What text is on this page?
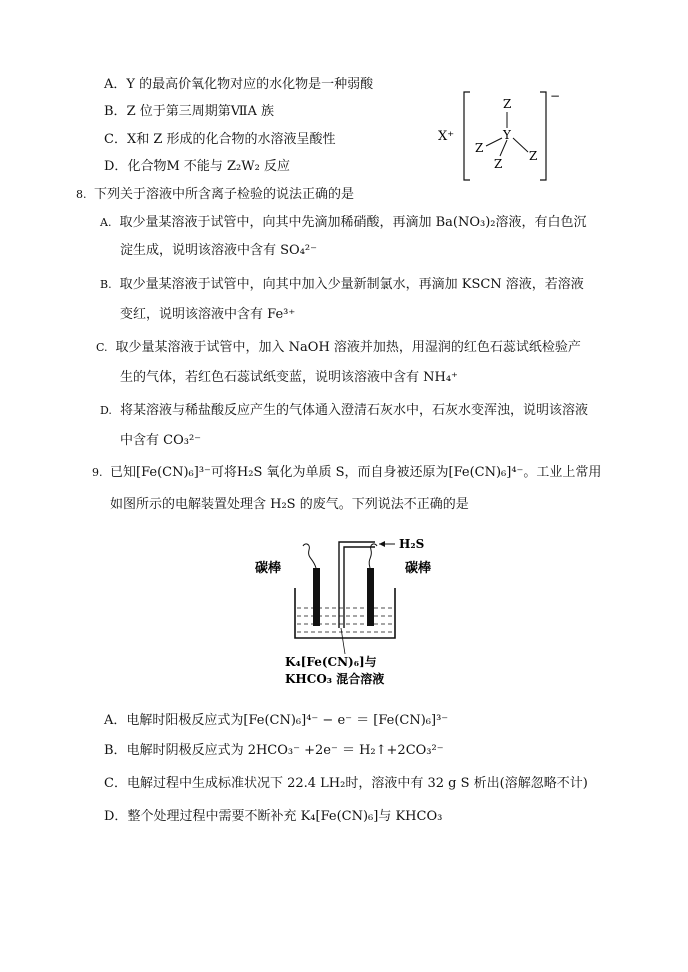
A．Y 的最高价氧化物对应的水化物是一种弱酸
B．Z 位于第三周期第ⅦA 族
C．X和 Z 形成的化合物的水溶液呈酸性
D．化合物M 不能与 Z₂W₂ 反应
X⁺
−
Z
Y
Z
Z
Z
8. 下列关于溶液中所含离子检验的说法正确的是
A. 取少量某溶液于试管中，向其中先滴加稀硝酸，再滴加 Ba(NO₃)₂溶液，有白色沉
淀生成，说明该溶液中含有 SO₄²⁻
B. 取少量某溶液于试管中，向其中加入少量新制氯水，再滴加 KSCN 溶液，若溶液
变红，说明该溶液中含有 Fe³⁺
C. 取少量某溶液于试管中，加入 NaOH 溶液并加热，用湿润的红色石蕊试纸检验产
生的气体，若红色石蕊试纸变蓝，说明该溶液中含有 NH₄⁺
D. 将某溶液与稀盐酸反应产生的气体通入澄清石灰水中，石灰水变浑浊，说明该溶液
中含有 CO₃²⁻
9. 已知[Fe(CN)₆]³⁻可将H₂S 氧化为单质 S，而自身被还原为[Fe(CN)₆]⁴⁻。工业上常用
如图所示的电解装置处理含 H₂S 的废气。下列说法不正确的是
H₂S
碳棒	碳棒
K₄[Fe(CN)₆]与
KHCO₃ 混合溶液
A．电解时阳极反应式为[Fe(CN)₆]⁴⁻ − e⁻ ＝ [Fe(CN)₆]³⁻
B．电解时阴极反应式为 2HCO₃⁻ +2e⁻ ＝ H₂↑+2CO₃²⁻
C．电解过程中生成标准状况下 22.4 LH₂时，溶液中有 32 g S 析出(溶解忽略不计)
D．整个处理过程中需要不断补充 K₄[Fe(CN)₆]与 KHCO₃
